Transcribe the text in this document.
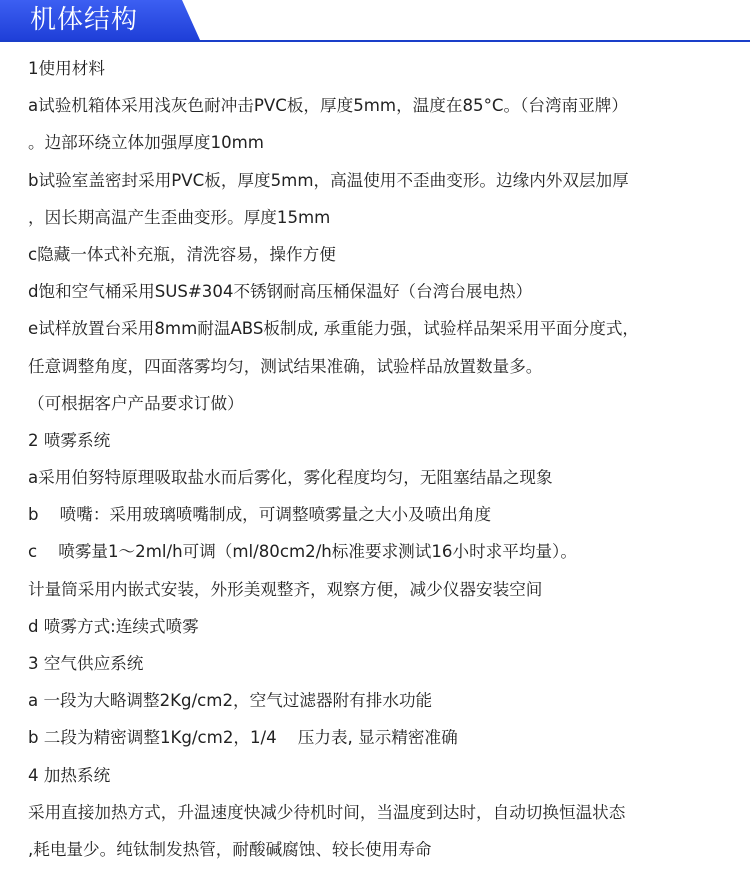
机体结构
1使用材料
a试验机箱体采用浅灰色耐冲击PVC板，厚度5mm，温度在85°C。（台湾南亚牌）
。边部环绕立体加强厚度10mm
b试验室盖密封采用PVC板，厚度5mm，高温使用不歪曲变形。边缘内外双层加厚
，因长期高温产生歪曲变形。厚度15mm
c隐藏一体式补充瓶，清洗容易，操作方便
d饱和空气桶采用SUS#304不锈钢耐高压桶保温好（台湾台展电热）
e试样放置台采用8mm耐温ABS板制成, 承重能力强，试验样品架采用平面分度式，
任意调整角度，四面落雾均匀，测试结果准确，试验样品放置数量多。
（可根据客户产品要求订做）
2 喷雾系统
a采用伯努特原理吸取盐水而后雾化，雾化程度均匀，无阻塞结晶之现象
b    喷嘴：采用玻璃喷嘴制成，可调整喷雾量之大小及喷出角度
c    喷雾量1～2ml/h可调（ml/80cm2/h标准要求测试16小时求平均量）。
计量筒采用内嵌式安装，外形美观整齐，观察方便，减少仪器安装空间
d 喷雾方式:连续式喷雾
3 空气供应系统
a 一段为大略调整2Kg/cm2，空气过滤器附有排水功能
b 二段为精密调整1Kg/cm2，1/4    压力表, 显示精密准确
4 加热系统
采用直接加热方式，升温速度快减少待机时间，当温度到达时，自动切换恒温状态
,耗电量少。纯钛制发热管，耐酸碱腐蚀、较长使用寿命
